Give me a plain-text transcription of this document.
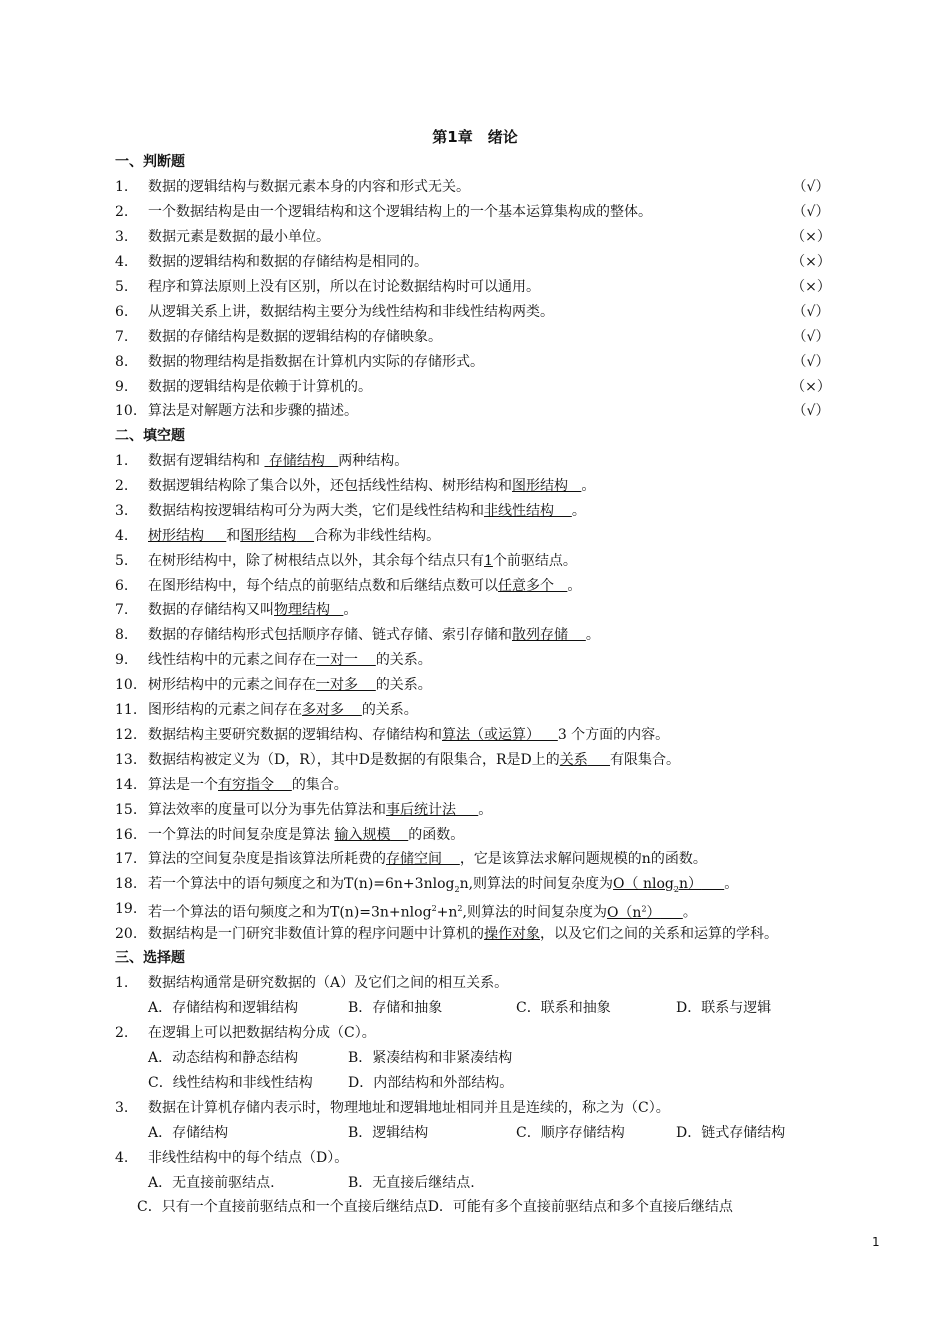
第1章　绪论
一、判断题
1.	数据的逻辑结构与数据元素本身的内容和形式无关。	（√）
2.	一个数据结构是由一个逻辑结构和这个逻辑结构上的一个基本运算集构成的整体。	（√）
3.	数据元素是数据的最小单位。	（×）
4.	数据的逻辑结构和数据的存储结构是相同的。	（×）
5.	程序和算法原则上没有区别，所以在讨论数据结构时可以通用。	（×）
6.	从逻辑关系上讲，数据结构主要分为线性结构和非线性结构两类。	（√）
7.	数据的存储结构是数据的逻辑结构的存储映象。	（√）
8.	数据的物理结构是指数据在计算机内实际的存储形式。	（√）
9.	数据的逻辑结构是依赖于计算机的。	（×）
10. 算法是对解题方法和步骤的描述。	（√）
二、填空题
1.	数据有逻辑结构和  存储结构 两种结构。
2.	数据逻辑结构除了集合以外，还包括线性结构、树形结构和图形结构 。
3.	数据结构按逻辑结构可分为两大类，它们是线性结构和非线性结构 。
4.	树形结构 和图形结构 合称为非线性结构。
5.	在树形结构中，除了树根结点以外，其余每个结点只有1个前驱结点。
6.	在图形结构中，每个结点的前驱结点数和后继结点数可以任意多个 。
7.	数据的存储结构又叫物理结构 。
8.	数据的存储结构形式包括顺序存储、链式存储、索引存储和散列存储 。
9.	线性结构中的元素之间存在一对一 的关系。
10. 树形结构中的元素之间存在一对多 的关系。
11. 图形结构的元素之间存在多对多 的关系。
12. 数据结构主要研究数据的逻辑结构、存储结构和算法（或运算） 3 个方面的内容。
13. 数据结构被定义为（D，R），其中D是数据的有限集合，R是D上的关系 有限集合。
14. 算法是一个有穷指令 的集合。
15. 算法效率的度量可以分为事先估算法和事后统计法 。
16. 一个算法的时间复杂度是算法 输入规模 的函数。
17. 算法的空间复杂度是指该算法所耗费的存储空间 ，它是该算法求解问题规模的n的函数。
18. 若一个算法中的语句频度之和为T(n)=6n+3nlog$_2$n,则算法的时间复杂度为O（ nlog$_2$n） 。
19. 若一个算法的语句频度之和为$T(n)=3n+nlog^2+n^2$,则算法的时间复杂度为$O(n^2)$ 。
20. 数据结构是一门研究非数值计算的程序问题中计算机的操作对象，以及它们之间的关系和运算的学科。
三、选择题
1.	数据结构通常是研究数据的（A）及它们之间的相互关系。
A．存储结构和逻辑结构	B．存储和抽象	C．联系和抽象	D．联系与逻辑
2.	在逻辑上可以把数据结构分成（C）。
A．动态结构和静态结构	B．紧凑结构和非紧凑结构
C．线性结构和非线性结构	D．内部结构和外部结构。
3.	数据在计算机存储内表示时，物理地址和逻辑地址相同并且是连续的，称之为（C）。
A．存储结构	B．逻辑结构	C．顺序存储结构	D．链式存储结构
4.	非线性结构中的每个结点（D）。
A．无直接前驱结点.	B．无直接后继结点.
C．只有一个直接前驱结点和一个直接后继结点D．可能有多个直接前驱结点和多个直接后继结点
1
